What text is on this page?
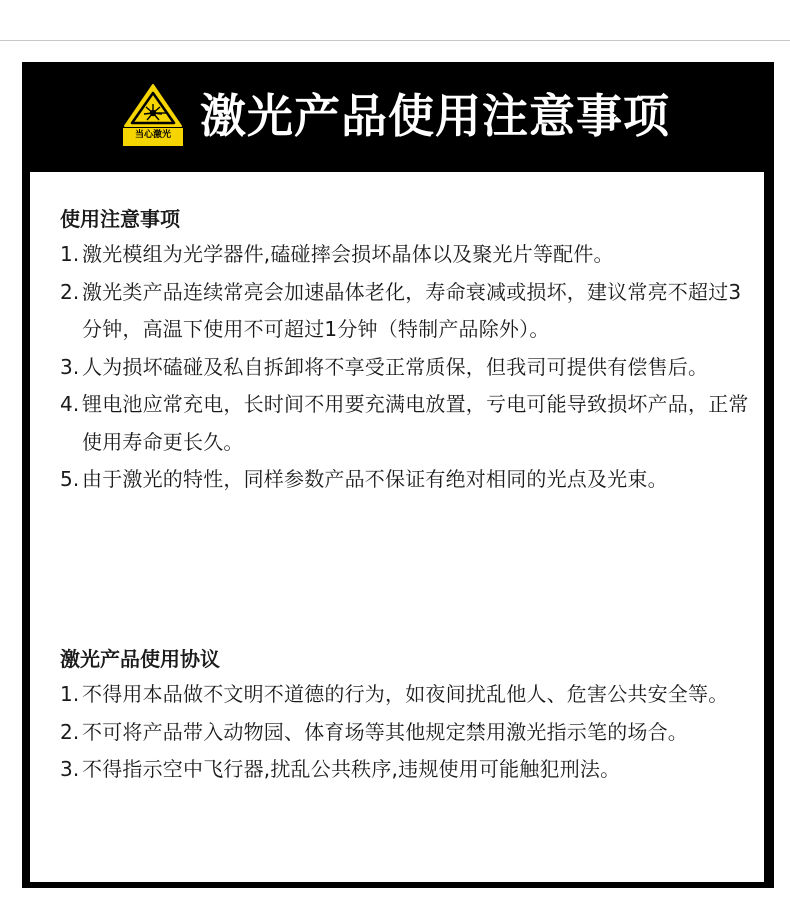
当心激光 激光产品使用注意事项
使用注意事项
1. 激光模组为光学器件,磕碰摔会损坏晶体以及聚光片等配件。
2. 激光类产品连续常亮会加速晶体老化，寿命衰减或损坏，建议常亮不超过3分钟，高温下使用不可超过1分钟（特制产品除外）。
3. 人为损坏磕碰及私自拆卸将不享受正常质保，但我司可提供有偿售后。
4. 锂电池应常充电，长时间不用要充满电放置，亏电可能导致损坏产品，正常使用寿命更长久。
5. 由于激光的特性，同样参数产品不保证有绝对相同的光点及光束。
激光产品使用协议
1. 不得用本品做不文明不道德的行为，如夜间扰乱他人、危害公共安全等。
2. 不可将产品带入动物园、体育场等其他规定禁用激光指示笔的场合。
3. 不得指示空中飞行器,扰乱公共秩序,违规使用可能触犯刑法。
